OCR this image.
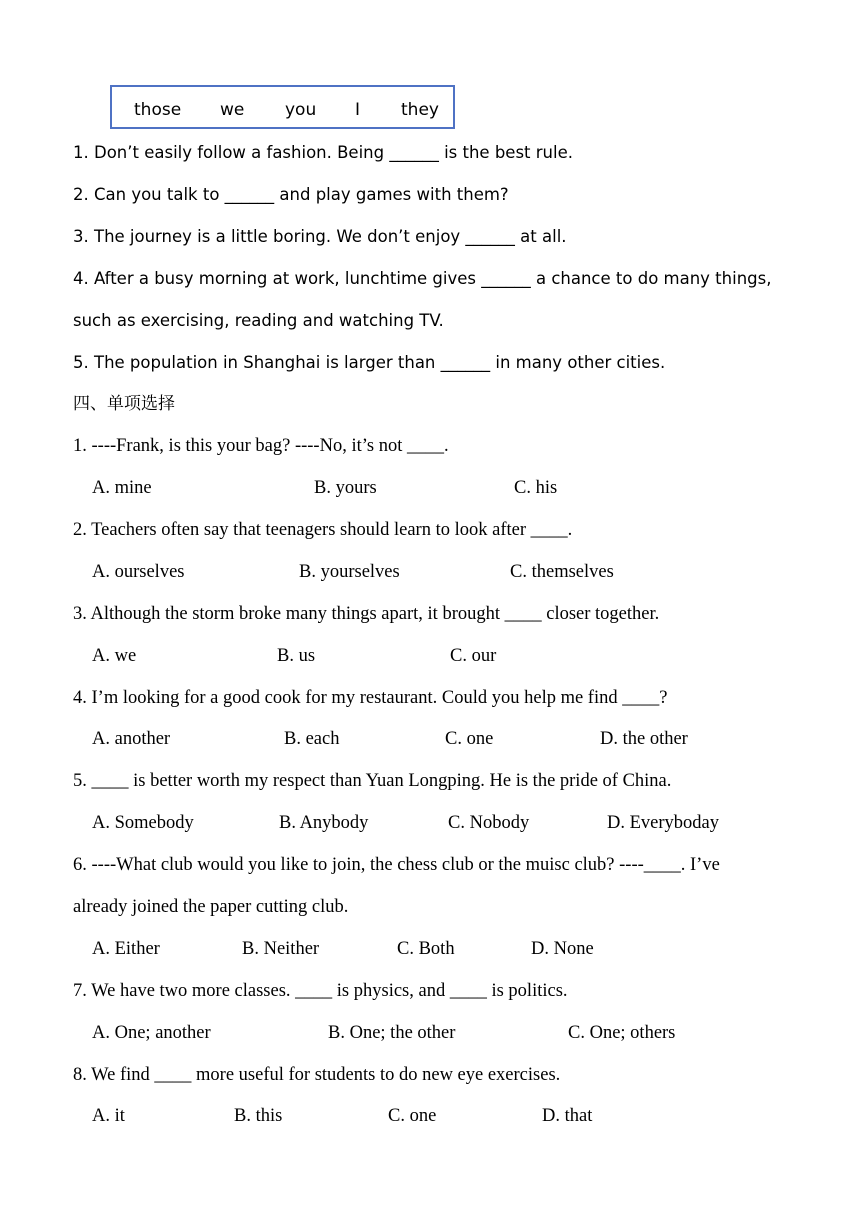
those we you I they
1. Don’t easily follow a fashion. Being ______ is the best rule.
2. Can you talk to ______ and play games with them?
3. The journey is a little boring. We don’t enjoy ______ at all.
4. After a busy morning at work, lunchtime gives ______ a chance to do many things,
such as exercising, reading and watching TV.
5. The population in Shanghai is larger than ______ in many other cities.
四、单项选择
1. ----Frank, is this your bag? ----No, it’s not ____.
A. mine	B. yours	C. his
2. Teachers often say that teenagers should learn to look after ____.
A. ourselves	B. yourselves	C. themselves
3. Although the storm broke many things apart, it brought ____ closer together.
A. we	B. us	C. our
4. I’m looking for a good cook for my restaurant. Could you help me find ____?
A. another	B. each	C. one	D. the other
5. ____ is better worth my respect than Yuan Longping. He is the pride of China.
A. Somebody	B. Anybody	C. Nobody	D. Everyboday
6. ----What club would you like to join, the chess club or the muisc club? ----____. I’ve
already joined the paper cutting club.
A. Either	B. Neither	C. Both	D. None
7. We have two more classes. ____ is physics, and ____ is politics.
A. One; another	B. One; the other	C. One; others
8. We find ____ more useful for students to do new eye exercises.
A. it	B. this	C. one	D. that
